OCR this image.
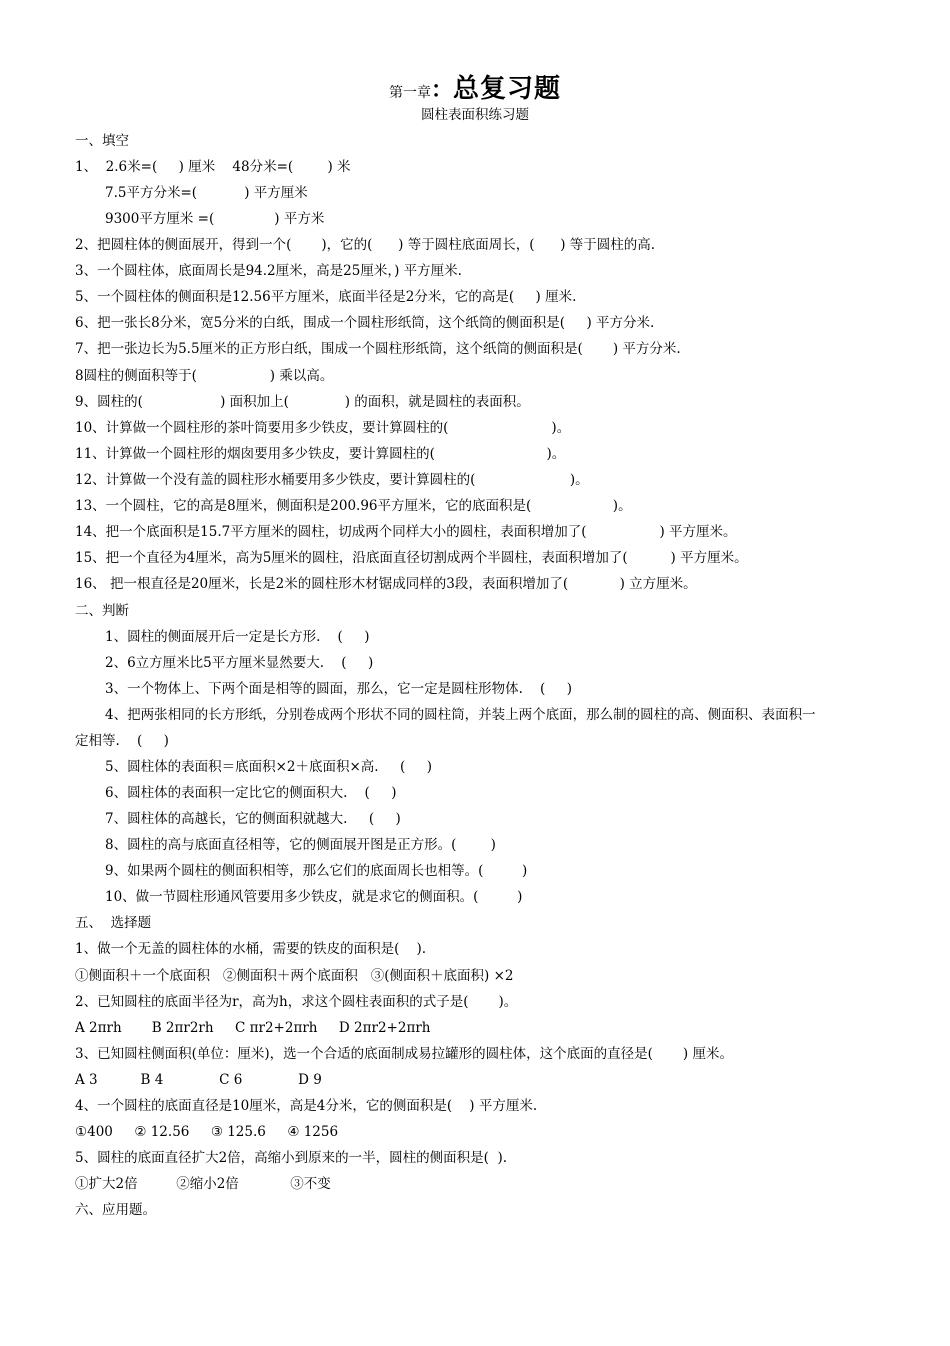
第一章：总复习题
圆柱表面积练习题
一、填空
1、  2.6米=(     ) 厘米    48分米=(        ) 米
7.5平方分米=(           ) 平方厘米
9300平方厘米 =(              ) 平方米
2、把圆柱体的侧面展开，得到一个(       )，它的(      ) 等于圆柱底面周长，(      ) 等于圆柱的高.
3、一个圆柱体，底面周长是94.2厘米，高是25厘米，) 平方厘米.
5、一个圆柱体的侧面积是12.56平方厘米，底面半径是2分米，它的高是(     ) 厘米.
6、把一张长8分米，宽5分米的白纸，围成一个圆柱形纸筒，这个纸筒的侧面积是(     ) 平方分米.
7、把一张边长为5.5厘米的正方形白纸，围成一个圆柱形纸筒，这个纸筒的侧面积是(       ) 平方分米.
8圆柱的侧面积等于(                 ) 乘以高。
9、圆柱的(                  ) 面积加上(             ) 的面积，就是圆柱的表面积。
10、计算做一个圆柱形的茶叶筒要用多少铁皮，要计算圆柱的(                        )。
11、计算做一个圆柱形的烟囱要用多少铁皮，要计算圆柱的(                          )。
12、计算做一个没有盖的圆柱形水桶要用多少铁皮，要计算圆柱的(                      )。
13、一个圆柱，它的高是8厘米，侧面积是200.96平方厘米，它的底面积是(                   )。
14、把一个底面积是15.7平方厘米的圆柱，切成两个同样大小的圆柱，表面积增加了(                 ) 平方厘米。
15、把一个直径为4厘米，高为5厘米的圆柱，沿底面直径切割成两个半圆柱，表面积增加了(          ) 平方厘米。
16、 把一根直径是20厘米，长是2米的圆柱形木材锯成同样的3段，表面积增加了(            ) 立方厘米。
二、判断
1、圆柱的侧面展开后一定是长方形.    (     )
2、6立方厘米比5平方厘米显然要大.    (     )
3、一个物体上、下两个面是相等的圆面，那么，它一定是圆柱形物体.    (     )
4、把两张相同的长方形纸，分别卷成两个形状不同的圆柱筒，并装上两个底面，那么制的圆柱的高、侧面积、表面积一
定相等.    (     )
5、圆柱体的表面积＝底面积×2＋底面积×高.     (     )
6、圆柱体的表面积一定比它的侧面积大.    (     )
7、圆柱体的高越长，它的侧面积就越大.     (     )
8、圆柱的高与底面直径相等，它的侧面展开图是正方形。(        )
9、如果两个圆柱的侧面积相等，那么它们的底面周长也相等。(         )
10、做一节圆柱形通风管要用多少铁皮，就是求它的侧面积。(         )
五、  选择题
1、做一个无盖的圆柱体的水桶，需要的铁皮的面积是(    ).
①侧面积＋一个底面积   ②侧面积＋两个底面积   ③(侧面积＋底面积) ×2
2、已知圆柱的底面半径为r，高为h，求这个圆柱表面积的式子是(       )。
A 2πrh       B 2πr2rh     C πr2+2πrh     D 2πr2+2πrh
3、已知圆柱侧面积(单位：厘米)，选一个合适的底面制成易拉罐形的圆柱体，这个底面的直径是(       ) 厘米。
A 3          B 4             C 6             D 9
4、一个圆柱的底面直径是10厘米，高是4分米，它的侧面积是(    ) 平方厘米.
①400     ② 12.56     ③ 125.6     ④ 1256
5、圆柱的底面直径扩大2倍，高缩小到原来的一半，圆柱的侧面积是(  ).
①扩大2倍         ②缩小2倍            ③不变
六、应用题。
